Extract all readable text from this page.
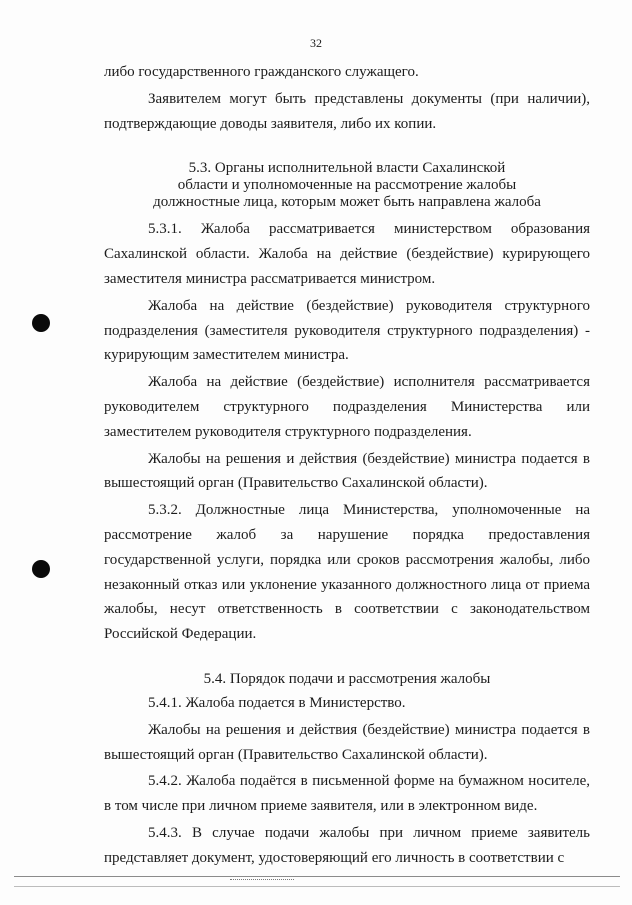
32

либо государственного гражданского служащего.

Заявителем могут быть представлены документы (при наличии), подтверждающие доводы заявителя, либо их копии.

5.3. Органы исполнительной власти Сахалинской
области и уполномоченные на рассмотрение жалобы
должностные лица, которым может быть направлена жалоба

5.3.1. Жалоба рассматривается министерством образования Сахалинской области. Жалоба на действие (бездействие) курирующего заместителя министра рассматривается министром.

Жалоба на действие (бездействие) руководителя структурного подразделения (заместителя руководителя структурного подразделения) - курирующим заместителем министра.

Жалоба на действие (бездействие) исполнителя рассматривается руководителем структурного подразделения Министерства или заместителем руководителя структурного подразделения.

Жалобы на решения и действия (бездействие) министра подается в вышестоящий орган (Правительство Сахалинской области).

5.3.2. Должностные лица Министерства, уполномоченные на рассмотрение жалоб за нарушение порядка предоставления государственной услуги, порядка или сроков рассмотрения жалобы, либо незаконный отказ или уклонение указанного должностного лица от приема жалобы, несут ответственность в соответствии с законодательством Российской Федерации.

5.4. Порядок подачи и рассмотрения жалобы

5.4.1. Жалоба подается в Министерство.

Жалобы на решения и действия (бездействие) министра подается в вышестоящий орган (Правительство Сахалинской области).

5.4.2. Жалоба подаётся в письменной форме на бумажном носителе, в том числе при личном приеме заявителя, или в электронном виде.

5.4.3. В случае подачи жалобы при личном приеме заявитель представляет документ, удостоверяющий его личность в соответствии с
